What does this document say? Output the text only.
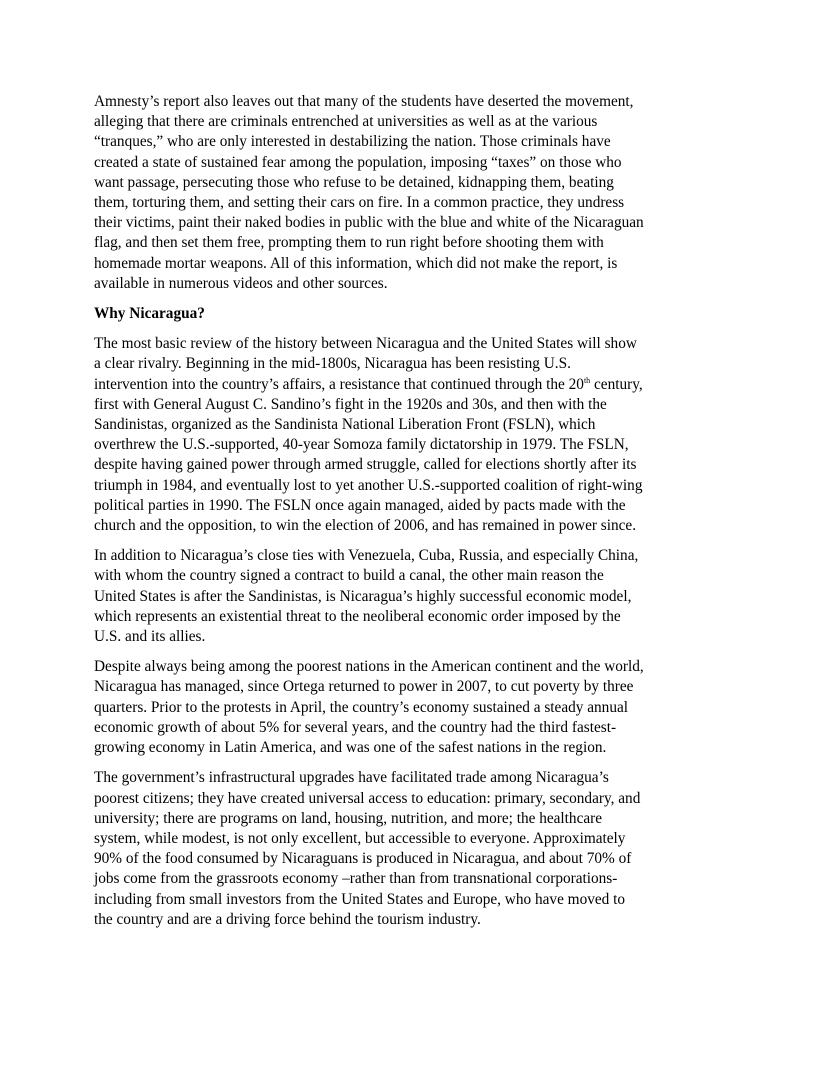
Amnesty’s report also leaves out that many of the students have deserted the movement,
alleging that there are criminals entrenched at universities as well as at the various
“tranques,” who are only interested in destabilizing the nation. Those criminals have
created a state of sustained fear among the population, imposing “taxes” on those who
want passage, persecuting those who refuse to be detained, kidnapping them, beating
them, torturing them, and setting their cars on fire. In a common practice, they undress
their victims, paint their naked bodies in public with the blue and white of the Nicaraguan
flag, and then set them free, prompting them to run right before shooting them with
homemade mortar weapons. All of this information, which did not make the report, is
available in numerous videos and other sources.

Why Nicaragua?

The most basic review of the history between Nicaragua and the United States will show
a clear rivalry. Beginning in the mid-1800s, Nicaragua has been resisting U.S.
intervention into the country’s affairs, a resistance that continued through the 20th century,
first with General August C. Sandino’s fight in the 1920s and 30s, and then with the
Sandinistas, organized as the Sandinista National Liberation Front (FSLN), which
overthrew the U.S.-supported, 40-year Somoza family dictatorship in 1979. The FSLN,
despite having gained power through armed struggle, called for elections shortly after its
triumph in 1984, and eventually lost to yet another U.S.-supported coalition of right-wing
political parties in 1990. The FSLN once again managed, aided by pacts made with the
church and the opposition, to win the election of 2006, and has remained in power since.

In addition to Nicaragua’s close ties with Venezuela, Cuba, Russia, and especially China,
with whom the country signed a contract to build a canal, the other main reason the
United States is after the Sandinistas, is Nicaragua’s highly successful economic model,
which represents an existential threat to the neoliberal economic order imposed by the
U.S. and its allies.

Despite always being among the poorest nations in the American continent and the world,
Nicaragua has managed, since Ortega returned to power in 2007, to cut poverty by three
quarters. Prior to the protests in April, the country’s economy sustained a steady annual
economic growth of about 5% for several years, and the country had the third fastest-
growing economy in Latin America, and was one of the safest nations in the region.

The government’s infrastructural upgrades have facilitated trade among Nicaragua’s
poorest citizens; they have created universal access to education: primary, secondary, and
university; there are programs on land, housing, nutrition, and more; the healthcare
system, while modest, is not only excellent, but accessible to everyone. Approximately
90% of the food consumed by Nicaraguans is produced in Nicaragua, and about 70% of
jobs come from the grassroots economy –rather than from transnational corporations-
including from small investors from the United States and Europe, who have moved to
the country and are a driving force behind the tourism industry.
